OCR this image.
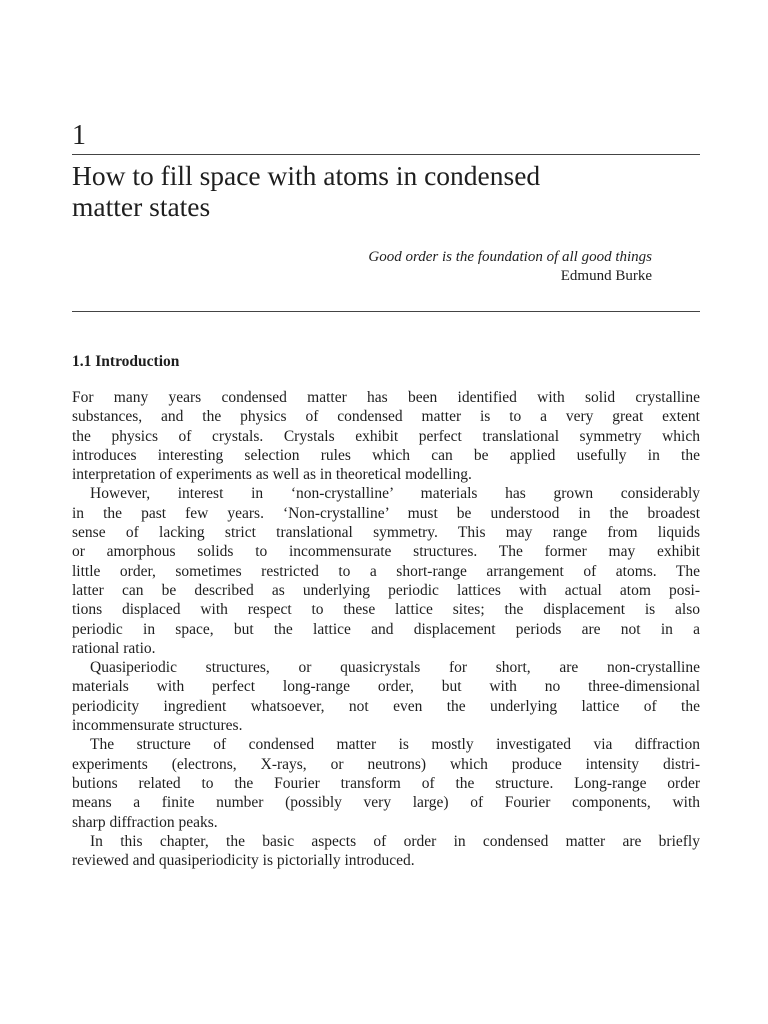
1
How to fill space with atoms in condensed
matter states
Good order is the foundation of all good things
Edmund Burke
1.1 Introduction
For many years condensed matter has been identified with solid crystalline
substances, and the physics of condensed matter is to a very great extent
the physics of crystals. Crystals exhibit perfect translational symmetry which
introduces interesting selection rules which can be applied usefully in the
interpretation of experiments as well as in theoretical modelling.
However, interest in ‘non-crystalline’ materials has grown considerably
in the past few years. ‘Non-crystalline’ must be understood in the broadest
sense of lacking strict translational symmetry. This may range from liquids
or amorphous solids to incommensurate structures. The former may exhibit
little order, sometimes restricted to a short-range arrangement of atoms. The
latter can be described as underlying periodic lattices with actual atom posi-
tions displaced with respect to these lattice sites; the displacement is also
periodic in space, but the lattice and displacement periods are not in a
rational ratio.
Quasiperiodic structures, or quasicrystals for short, are non-crystalline
materials with perfect long-range order, but with no three-dimensional
periodicity ingredient whatsoever, not even the underlying lattice of the
incommensurate structures.
The structure of condensed matter is mostly investigated via diffraction
experiments (electrons, X-rays, or neutrons) which produce intensity distri-
butions related to the Fourier transform of the structure. Long-range order
means a finite number (possibly very large) of Fourier components, with
sharp diffraction peaks.
In this chapter, the basic aspects of order in condensed matter are briefly
reviewed and quasiperiodicity is pictorially introduced.
